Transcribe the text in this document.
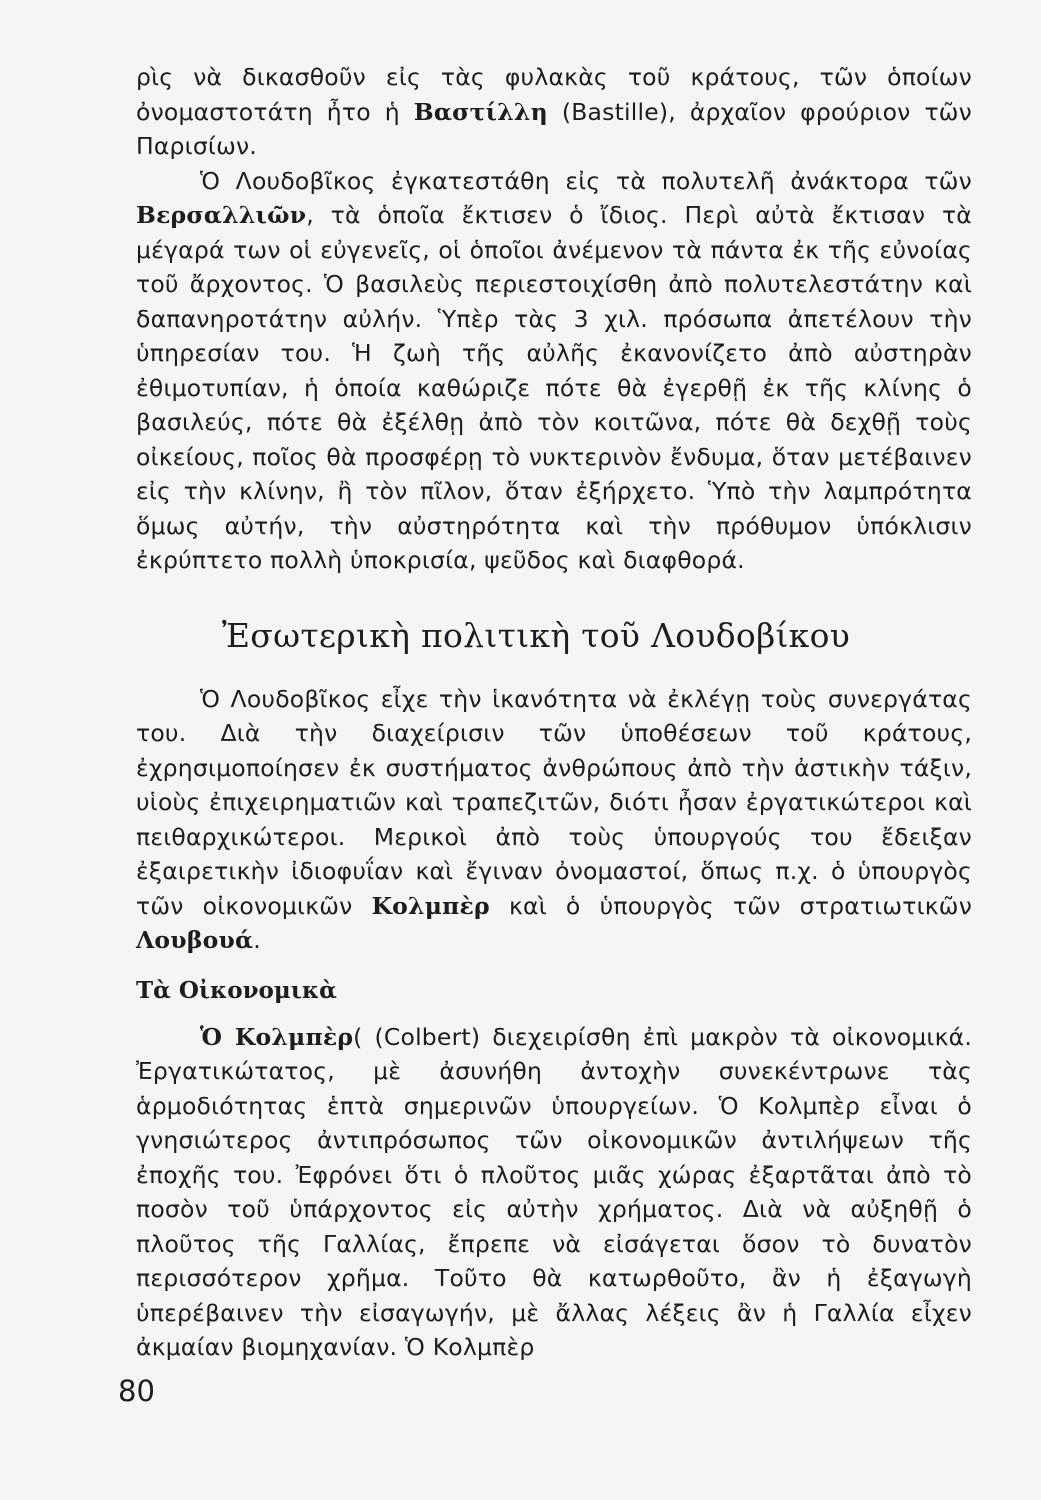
ρὶς νὰ δικασθοῦν εἰς τὰς φυλακὰς τοῦ κράτους, τῶν ὁποίων ὀνομαστοτάτη ἦτο ἡ Βαστίλλη (Bastille), ἀρχαῖον φρούριον τῶν Παρισίων.

Ὁ Λουδοβῖκος ἐγκατεστάθη εἰς τὰ πολυτελῆ ἀνάκτορα τῶν Βερσαλλιῶν, τὰ ὁποῖα ἔκτισεν ὁ ἴδιος. Περὶ αὐτὰ ἔκτισαν τὰ μέγαρά των οἱ εὐγενεῖς, οἱ ὁποῖοι ἀνέμενον τὰ πάντα ἐκ τῆς εὐνοίας τοῦ ἄρχοντος. Ὁ βασιλεὺς περιεστοιχίσθη ἀπὸ πολυτελεστάτην καὶ δαπανηροτάτην αὐλήν. Ὑπὲρ τὰς 3 χιλ. πρόσωπα ἀπετέλουν τὴν ὑπηρεσίαν του. Ἡ ζωὴ τῆς αὐλῆς ἐκανονίζετο ἀπὸ αὐστηρὰν ἐθιμοτυπίαν, ἡ ὁποία καθώριζε πότε θὰ ἐγερθῇ ἐκ τῆς κλίνης ὁ βασιλεύς, πότε θὰ ἐξέλθῃ ἀπὸ τὸν κοιτῶνα, πότε θὰ δεχθῇ τοὺς οἰκείους, ποῖος θὰ προσφέρῃ τὸ νυκτερινὸν ἔνδυμα, ὅταν μετέβαινεν εἰς τὴν κλίνην, ἢ τὸν πῖλον, ὅταν ἐξήρχετο. Ὑπὸ τὴν λαμπρότητα ὅμως αὐτήν, τὴν αὐστηρότητα καὶ τὴν πρόθυμον ὑπόκλισιν ἐκρύπτετο πολλὴ ὑποκρισία, ψεῦδος καὶ διαφθορά.

Ἐσωτερικὴ πολιτικὴ τοῦ Λουδοβίκου

Ὁ Λουδοβῖκος εἶχε τὴν ἱκανότητα νὰ ἐκλέγῃ τοὺς συνεργάτας του. Διὰ τὴν διαχείρισιν τῶν ὑποθέσεων τοῦ κράτους, ἐχρησιμοποίησεν ἐκ συστήματος ἀνθρώπους ἀπὸ τὴν ἀστικὴν τάξιν, υἱοὺς ἐπιχειρηματιῶν καὶ τραπεζιτῶν, διότι ἦσαν ἐργατικώτεροι καὶ πειθαρχικώτεροι. Μερικοὶ ἀπὸ τοὺς ὑπουργούς του ἔδειξαν ἐξαιρετικὴν ἰδιοφυΐαν καὶ ἔγιναν ὀνομαστοί, ὅπως π.χ. ὁ ὑπουργὸς τῶν οἰκονομικῶν Κολμπὲρ καὶ ὁ ὑπουργὸς τῶν στρατιωτικῶν Λουβουά.

Τὰ Οἰκονομικὰ

Ὁ Κολμπὲρ( (Colbert) διεχειρίσθη ἐπὶ μακρὸν τὰ οἰκονομικά. Ἐργατικώτατος, μὲ ἀσυνήθη ἀντοχὴν συνεκέντρωνε τὰς ἁρμοδιότητας ἑπτὰ σημερινῶν ὑπουργείων. Ὁ Κολμπὲρ εἶναι ὁ γνησιώτερος ἀντιπρόσωπος τῶν οἰκονομικῶν ἀντιλήψεων τῆς ἐποχῆς του. Ἐφρόνει ὅτι ὁ πλοῦτος μιᾶς χώρας ἐξαρτᾶται ἀπὸ τὸ ποσὸν τοῦ ὑπάρχοντος εἰς αὐτὴν χρήματος. Διὰ νὰ αὐξηθῇ ὁ πλοῦτος τῆς Γαλλίας, ἔπρεπε νὰ εἰσάγεται ὅσον τὸ δυνατὸν περισσότερον χρῆμα. Τοῦτο θὰ κατωρθοῦτο, ἂν ἡ ἐξαγωγὴ ὑπερέβαινεν τὴν εἰσαγωγήν, μὲ ἄλλας λέξεις ἂν ἡ Γαλλία εἶχεν ἀκμαίαν βιομηχανίαν. Ὁ Κολμπὲρ

80
